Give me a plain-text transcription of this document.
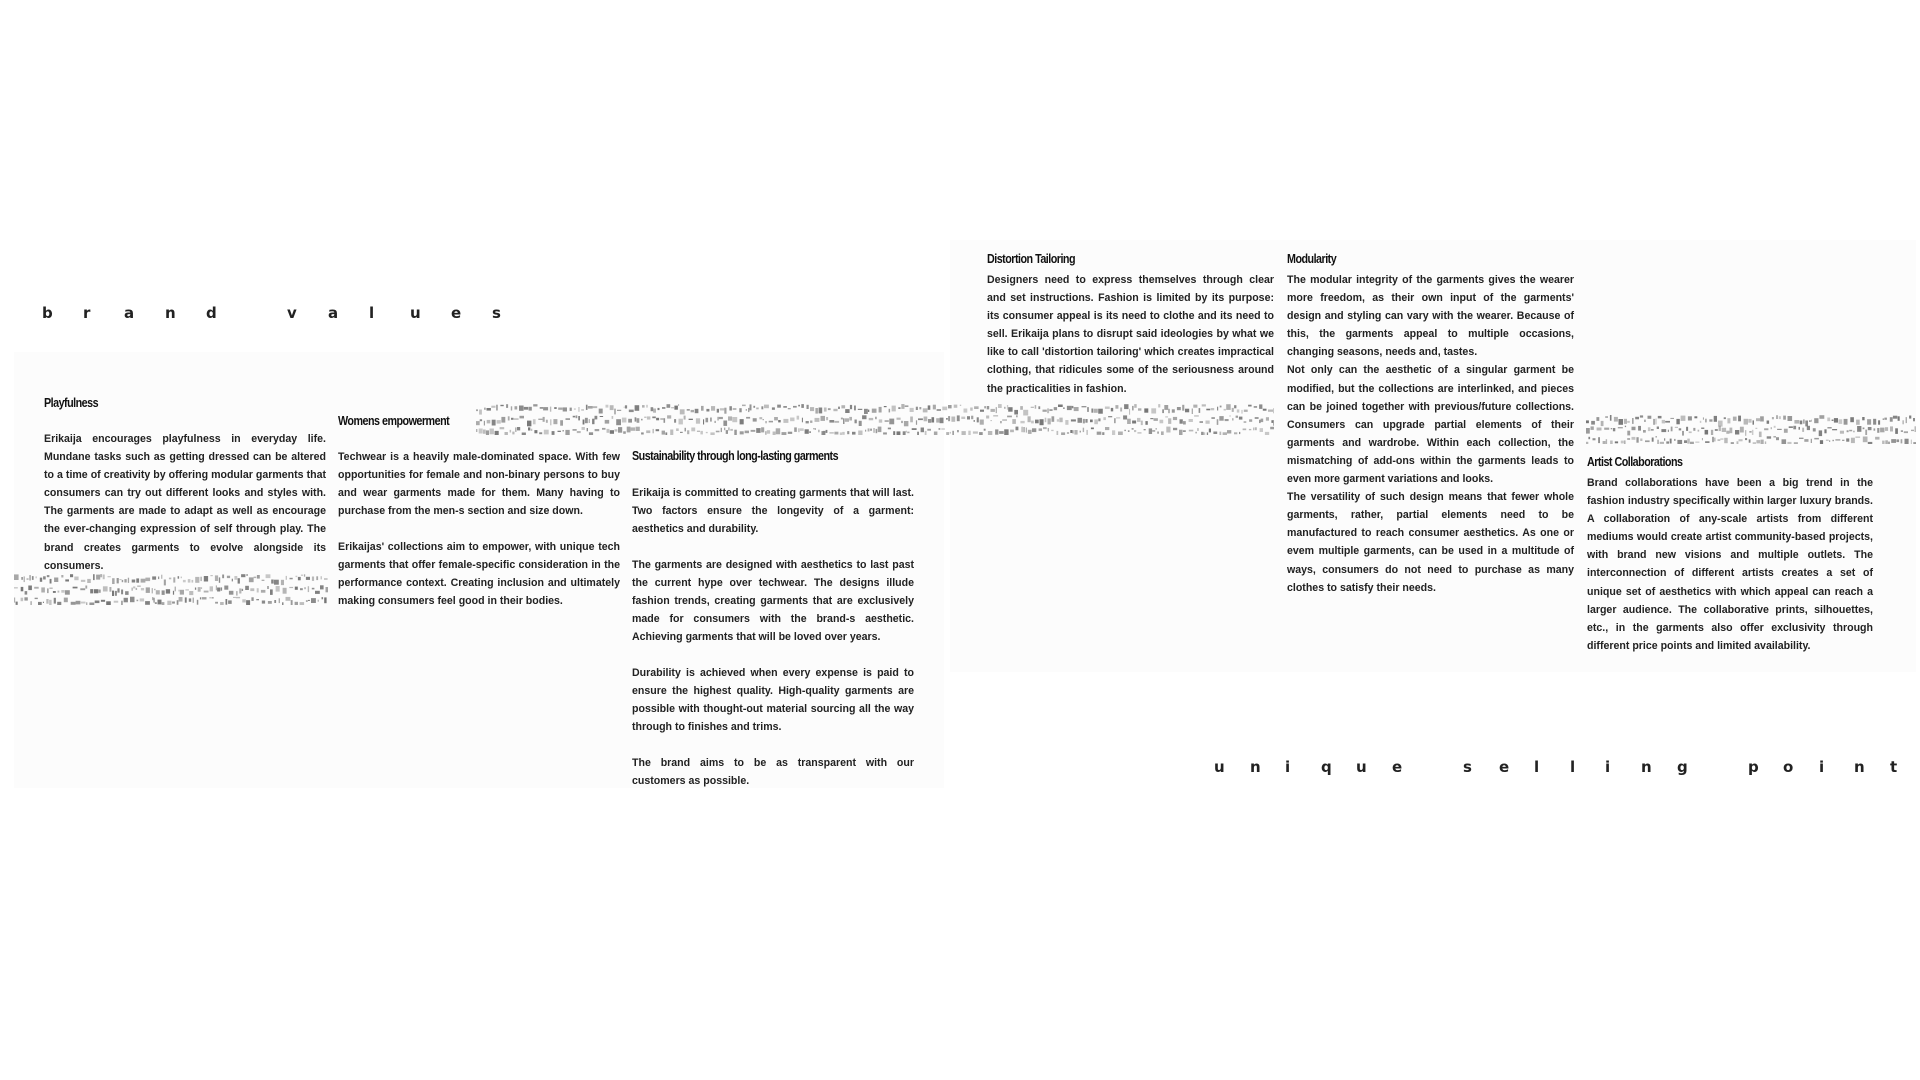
b r a n d
	v a l u e s
u n i q u e
	s e l l i n g
	p o i n t
Playfulness

Erikaija encourages playfulness in everyday life. Mundane tasks such as getting dressed can be altered to a time of creativity by offering modular garments that consumers can try out different looks and styles with. The garments are made to adapt as well as encourage the ever-changing expression of self through play. The brand creates garments to evolve alongside its consumers.

Womens empowerment

Techwear is a heavily male-dominated space. With few opportunities for female and non-binary persons to buy and wear garments made for them. Many having to purchase from the men-s section and size down.

Erikaijas' collections aim to empower, with unique tech garments that offer female-specific consideration in the performance context. Creating inclusion and ultimately making consumers feel good in their bodies.

Sustainability through long-lasting garments

Erikaija is committed to creating garments that will last. Two factors ensure the longevity of a garment: aesthetics and durability.

The garments are designed with aesthetics to last past the current hype over techwear. The designs illude fashion trends, creating garments that are exclusively made for consumers with the brand-s aesthetic. Achieving garments that will be loved over years.

Durability is achieved when every expense is paid to ensure the highest quality. High-quality garments are possible with thought-out material sourcing all the way through to finishes and trims.

The brand aims to be as transparent with our customers as possible.

Distortion Tailoring

Designers need to express themselves through clear and set instructions. Fashion is limited by its purpose: its consumer appeal is its need to clothe and its need to sell. Erikaija plans to disrupt said ideologies by what we like to call 'distortion tailoring' which creates impractical clothing, that ridicules some of the seriousness around the practicalities in fashion.

Modularity

The modular integrity of the garments gives the wearer more freedom, as their own input of the garments' design and styling can vary with the wearer. Because of this, the garments appeal to multiple occasions, changing seasons, needs and, tastes.

Not only can the aesthetic of a singular garment be modified, but the collections are interlinked, and pieces can be joined together with previous/future collections. Consumers can upgrade partial elements of their garments and wardrobe. Within each collection, the mismatching of add-ons within the garments leads to even more garment variations and looks.

The versatility of such design means that fewer whole garments, rather, partial elements need to be manufactured to reach consumer aesthetics. As one or evem multiple garments, can be used in a multitude of ways, consumers do not need to purchase as many clothes to satisfy their needs.

Artist Collaborations

Brand collaborations have been a big trend in the fashion industry specifically within larger luxury brands. A collaboration of any-scale artists from different mediums would create artist community-based projects, with brand new visions and multiple outlets. The interconnection of different artists creates a set of unique set of aesthetics with which appeal can reach a larger audience. The collaborative prints, silhouettes, etc., in the garments also offer exclusivity through different price points and limited availability.
